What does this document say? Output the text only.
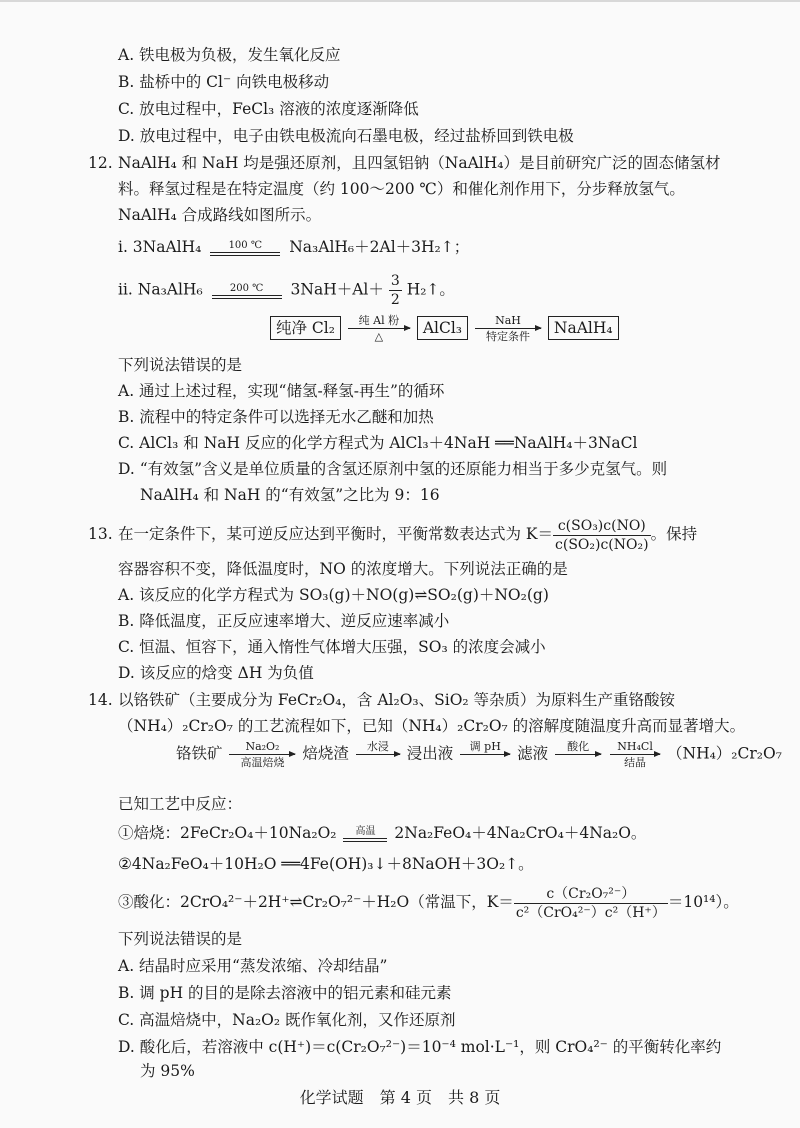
A. 铁电极为负极，发生氧化反应
B. 盐桥中的 Cl⁻ 向铁电极移动
C. 放电过程中，FeCl₃ 溶液的浓度逐渐降低
D. 放电过程中，电子由铁电极流向石墨电极，经过盐桥回到铁电极
12. NaAlH₄ 和 NaH 均是强还原剂，且四氢铝钠（NaAlH₄）是目前研究广泛的固态储氢材
料。释氢过程是在特定温度（约 100～200 ℃）和催化剂作用下，分步释放氢气。
NaAlH₄ 合成路线如图所示。
ⅰ. 3NaAlH₄	100 ℃	Na₃AlH₆＋2Al＋3H₂↑；
ⅱ. Na₃AlH₆	200 ℃	$3NaH+Al+ \frac{3}{2}$ H₂↑。
纯净 Cl₂	纯 Al 粉
△	AlCl₃	NaH
特定条件	NaAlH₄
下列说法错误的是
A. 通过上述过程，实现“储氢-释氢-再生”的循环
B. 流程中的特定条件可以选择无水乙醚和加热
C. AlCl₃ 和 NaH 反应的化学方程式为 AlCl₃＋4NaH ══NaAlH₄＋3NaCl
D. “有效氢”含义是单位质量的含氢还原剂中氢的还原能力相当于多少克氢气。则
NaAlH₄ 和 NaH 的“有效氢”之比为 9：16
13. 在一定条件下，某可逆反应达到平衡时，平衡常数表达式为 $K= \frac{\text{c(SO₃)c(NO)}}{\text{c(SO₂)c(NO₂)}}$ 。保持
容器容积不变，降低温度时，NO 的浓度增大。下列说法正确的是
A. 该反应的化学方程式为 SO₃(g)＋NO(g)⇌SO₂(g)＋NO₂(g)
B. 降低温度，正反应速率增大、逆反应速率减小
C. 恒温、恒容下，通入惰性气体增大压强，SO₃ 的浓度会减小
D. 该反应的焓变 ΔH 为负值
14. 以铬铁矿（主要成分为 FeCr₂O₄，含 Al₂O₃、SiO₂ 等杂质）为原料生产重铬酸铵
（NH₄）₂Cr₂O₇ 的工艺流程如下，已知（NH₄）₂Cr₂O₇ 的溶解度随温度升高而显著增大。
铬铁矿	Na₂O₂
高温焙烧	焙烧渣	水浸
	浸出液	调 pH
	滤液	酸化

	NH₄Cl
结晶	（NH₄）₂Cr₂O₇
已知工艺中反应：
①焙烧：2FeCr₂O₄＋10Na₂O₂	高温	2Na₂FeO₄＋4Na₂CrO₄＋4Na₂O。
②4Na₂FeO₄＋10H₂O ══4Fe(OH)₃↓＋8NaOH＋3O₂↑。
③酸化：2CrO₄²⁻＋2H⁺⇌Cr₂O₇²⁻＋H₂O（常温下，$K= \frac{\text{c（Cr₂O₇²⁻）}}{\text{c²（CrO₄²⁻）c²（H⁺）}} =10^{14}$）。
下列说法错误的是
A. 结晶时应采用“蒸发浓缩、冷却结晶”
B. 调 pH 的目的是除去溶液中的铝元素和硅元素
C. 高温焙烧中，Na₂O₂ 既作氧化剂，又作还原剂
D. 酸化后，若溶液中 c(H⁺)＝c(Cr₂O₇²⁻)＝10⁻⁴ mol·L⁻¹，则 CrO₄²⁻ 的平衡转化率约
为 95%
化学试题　第 4 页　共 8 页
